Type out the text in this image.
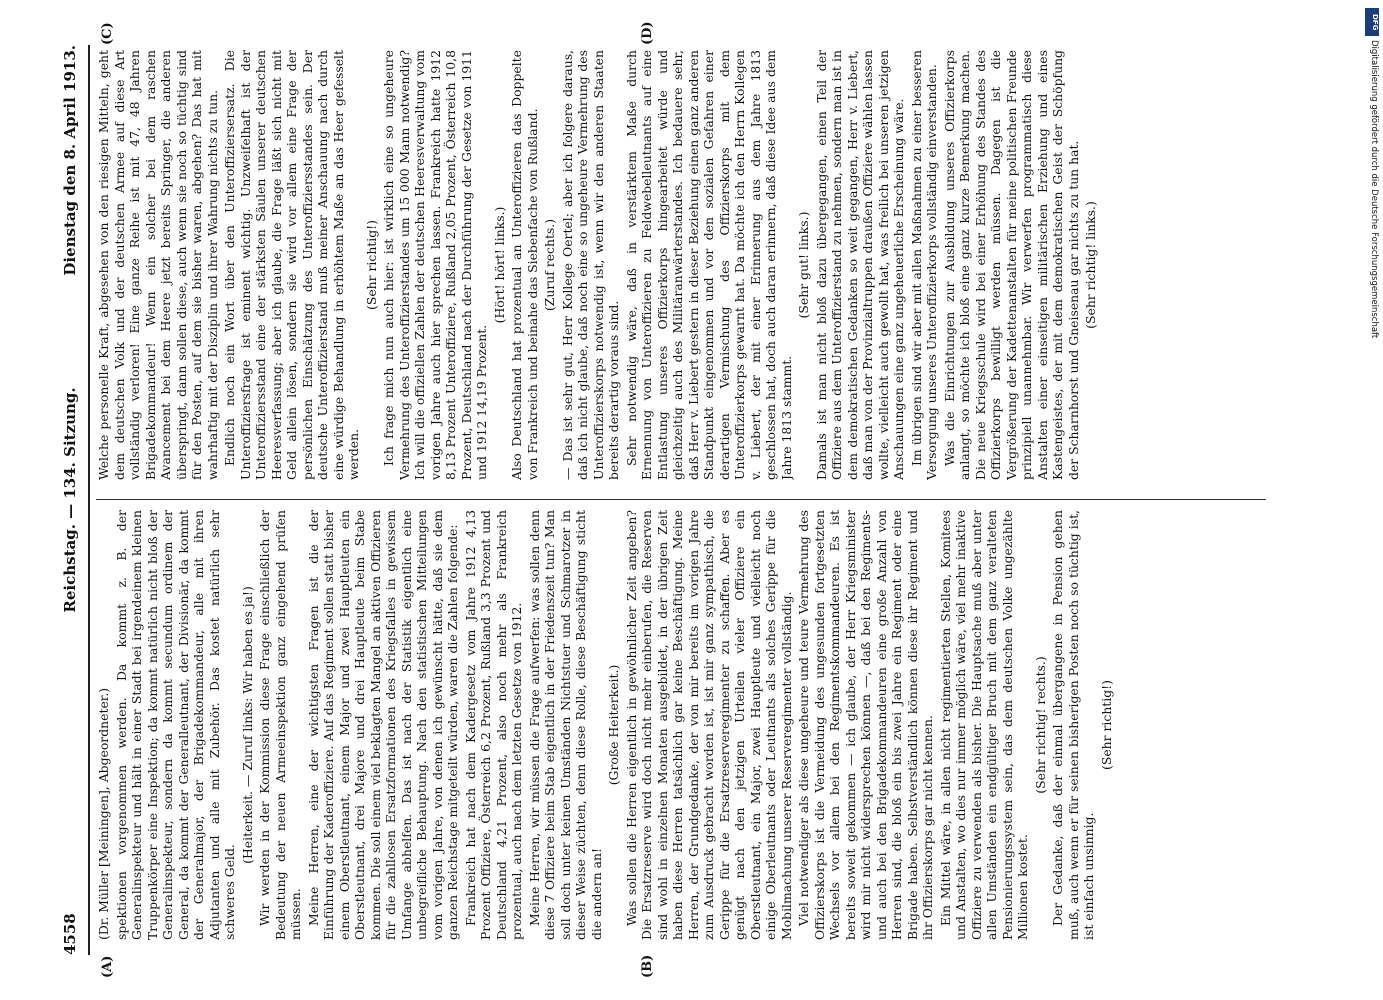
4558
Reichstag. — 134. Sitzung.
Dienstag den 8. April 1913.
(A)	(B)
(C)	(D)

(Dr. Müller [Meiningen], Abgeordneter.) spektionen vorgenommen werden. Da kommt z. B. der Generalinspekteur und hält in einer Stadt bei irgendeinem kleinen Truppenkörper eine Inspektion; da kommt natürlich nicht bloß der Generalinspekteur, sondern da kommt secundum ordinem der General, da kommt der Generalleutnant, der Divisionär, da kommt der Generalmajor, der Brigadekommandeur, alle mit ihren Adjutanten und alle mit Zubehör. Das kostet natürlich sehr schweres Geld.

(Heiterkeit. — Zuruf links: Wir haben es ja!) Wir werden in der Kommission diese Frage einschließlich der Bedeutung der neuen Armeeinspektion ganz eingehend prüfen müssen. Meine Herren, eine der wichtigsten Fragen ist die der Einführung der Kaderoffiziere. Auf das Regiment sollen statt bisher einem Oberstleutnant, einem Major und zwei Hauptleuten ein Oberstleutnant, drei Majore und drei Hauptleute beim Stabe kommen. Die soll einem viel beklagten Mangel an aktiven Offizieren für die zahllosen Ersatzformationen des Kriegsfalles in gewissem Umfange abhelfen. Das ist nach der Statistik eigentlich eine unbegreifliche Behauptung. Nach den statistischen Mitteilungen vom vorigen Jahre, von denen ich gewünscht hätte, daß sie dem ganzen Reichstage mitgeteilt würden, waren die Zahlen folgende: Frankreich hat nach dem Kadergesetz vom Jahre 1912 4,13 Prozent Offiziere, Österreich 6,2 Prozent, Rußland 3,3 Prozent und Deutschland 4,21 Prozent, also noch mehr als Frankreich prozentual, auch nach dem letzten Gesetze von 1912. Meine Herren, wir müssen die Frage aufwerfen: was sollen denn diese 7 Offiziere beim Stab eigentlich in der Friedenszeit tun? Man soll doch unter keinen Umständen Nichtstuer und Schmarotzer in dieser Weise züchten, denn diese Rolle, diese Beschäftigung sticht die andern an!

(Große Heiterkeit.) Was sollen die Herren eigentlich in gewöhnlicher Zeit angeben? Die Ersatzreserve wird doch nicht mehr einberufen, die Reserven sind wohl in einzelnen Monaten ausgebildet, in der übrigen Zeit haben diese Herren tatsächlich gar keine Beschäftigung. Meine Herren, der Grundgedanke, der von mir bereits im vorigen Jahre zum Ausdruck gebracht worden ist, ist mir ganz sympathisch, die Gerippe für die Ersatzreserveregimenter zu schaffen. Aber es genügt nach den jetzigen Urteilen vieler Offiziere ein Oberstleutnant, ein Major, zwei Hauptleute und vielleicht noch einige Oberleutnants oder Leutnants als solches Gerippe für die Mobilmachung unserer Reserveregimenter vollständig. Viel notwendiger als diese ungeheure und teure Vermehrung des Offizierskorps ist die Vermeidung des ungesunden fortgesetzten Wechsels vor allem bei den Regimentskommandeuren. Es ist bereits soweit gekommen — ich glaube, der Herr Kriegsminister wird mir nicht widersprechen können —, daß bei den Regiments- und auch bei den Brigadekommandeuren eine große Anzahl von Herren sind, die bloß ein bis zwei Jahre ein Regiment oder eine Brigade haben. Selbstverständlich können diese ihr Regiment und ihr Offizierskorps gar nicht kennen. Ein Mittel wäre, in allen nicht regimentierten Stellen, Komitees und Anstalten, wo dies nur immer möglich wäre, viel mehr inaktive Offiziere zu verwenden als bisher. Die Hauptsache muß aber unter allen Umständen ein endgültiger Bruch mit dem ganz veralteten Pensionierungssystem sein, das dem deutschen Volke ungezählte Millionen kostet.

(Sehr richtig! rechts.) Der Gedanke, daß der einmal übergangene in Pension gehen muß, auch wenn er für seinen bisherigen Posten noch so tüchtig ist, ist einfach unsinnig.

(Sehr richtig!)

Welche personelle Kraft, abgesehen von den riesigen Mitteln, geht dem deutschen Volk und der deutschen Armee auf diese Art vollständig verloren! Eine ganze Reihe ist mit 47, 48 Jahren Brigadekommandeur! Wenn ein solcher bei dem raschen Avancement bei dem Heere jetzt bereits Springer, die anderen überspringt, dann sollen diese, auch wenn sie noch so tüchtig sind für den Posten, auf dem sie bisher waren, abgehen? Das hat mit wahrhaftig mit der Disziplin und ihrer Wahrung nichts zu tun. Endlich noch ein Wort über den Unteroffiziersersatz. Die Unteroffiziersfrage ist eminent wichtig. Unzweifelhaft ist der Unteroffiziersstand eine der stärksten Säulen unserer deutschen Heeresverfassung; aber ich glaube, die Frage läßt sich nicht mit Geld allein lösen, sondern sie wird vor allem eine Frage der persönlichen Einschätzung des Unteroffiziersstandes sein. Der deutsche Unteroffizierstand muß meiner Anschauung nach durch eine würdige Behandlung in erhöhtem Maße an das Heer gefesselt werden.

(Sehr richtig!) Ich frage mich nun auch hier: ist wirklich eine so ungeheure Vermehrung des Unteroffizierstandes um 15 000 Mann notwendig? Ich will die offiziellen Zahlen der deutschen Heeresverwaltung vom vorigen Jahre auch hier sprechen lassen. Frankreich hatte 1912 8,13 Prozent Unteroffiziere, Rußland 2,05 Prozent, Österreich 10,8 Prozent, Deutschland nach der Durchführung der Gesetze von 1911 und 1912 14,19 Prozent.

(Hört! hört! links.) Also Deutschland hat prozentual an Unteroffizieren das Doppelte von Frankreich und beinahe das Siebenfache von Rußland. (Zuruf rechts.) — Das ist sehr gut, Herr Kollege Oertel; aber ich folgere daraus, daß ich nicht glaube, daß noch eine so ungeheure Vermehrung des Unteroffizierskorps notwendig ist, wenn wir den anderen Staaten bereits derartig voraus sind. Sehr notwendig wäre, daß in verstärktem Maße durch Ernennung von Unteroffizieren zu Feldwebelleutnants auf eine Entlastung unseres Offizierkorps hingearbeitet würde und gleichzeitig auch des Militäranwärterstandes. Ich bedauere sehr, daß Herr v. Liebert gestern in dieser Beziehung einen ganz anderen Standpunkt eingenommen und vor den sozialen Gefahren einer derartigen Vermischung des Offizierskorps mit dem Unteroffizierkorps gewarnt hat. Da möchte ich den Herrn Kollegen v. Liebert, der mit einer Erinnerung aus dem Jahre 1813 geschlossen hat, doch auch daran erinnern, daß diese Idee aus dem Jahre 1813 stammt.

(Sehr gut! links.) Damals ist man nicht bloß dazu übergegangen, einen Teil der Offiziere aus dem Unteroffizierstand zu nehmen, sondern man ist in dem demokratischen Gedanken so weit gegangen, Herr v. Liebert, daß man von der Provinzialtruppen draußen Offiziere wählen lassen wollte, vielleicht auch gewollt hat, was freilich bei unseren jetzigen Anschauungen eine ganz ungeheuerliche Erscheinung wäre. Im übrigen sind wir aber mit allen Maßnahmen zu einer besseren Versorgung unseres Unteroffizierkorps vollständig einverstanden. Was die Einrichtungen zur Ausbildung unseres Offizierkorps anlangt, so möchte ich bloß eine ganz kurze Bemerkung machen. Die neue Kriegsschule wird bei einer Erhöhung des Standes des Offizierkorps bewilligt werden müssen. Dagegen ist die Vergrößerung der Kadettenanstalten für meine politischen Freunde prinzipiell unannehmbar. Wir verwerfen programmatisch diese Anstalten einer einseitigen militärischen Erziehung und eines Kastengeistes, der mit dem demokratischen Geist der Schöpfung der Scharnhorst und Gneisenau gar nichts zu tun hat. (Sehr richtig! links.)

DFG
Digitalisierung gefördert durch die Deutsche Forschungsgemeinschaft
